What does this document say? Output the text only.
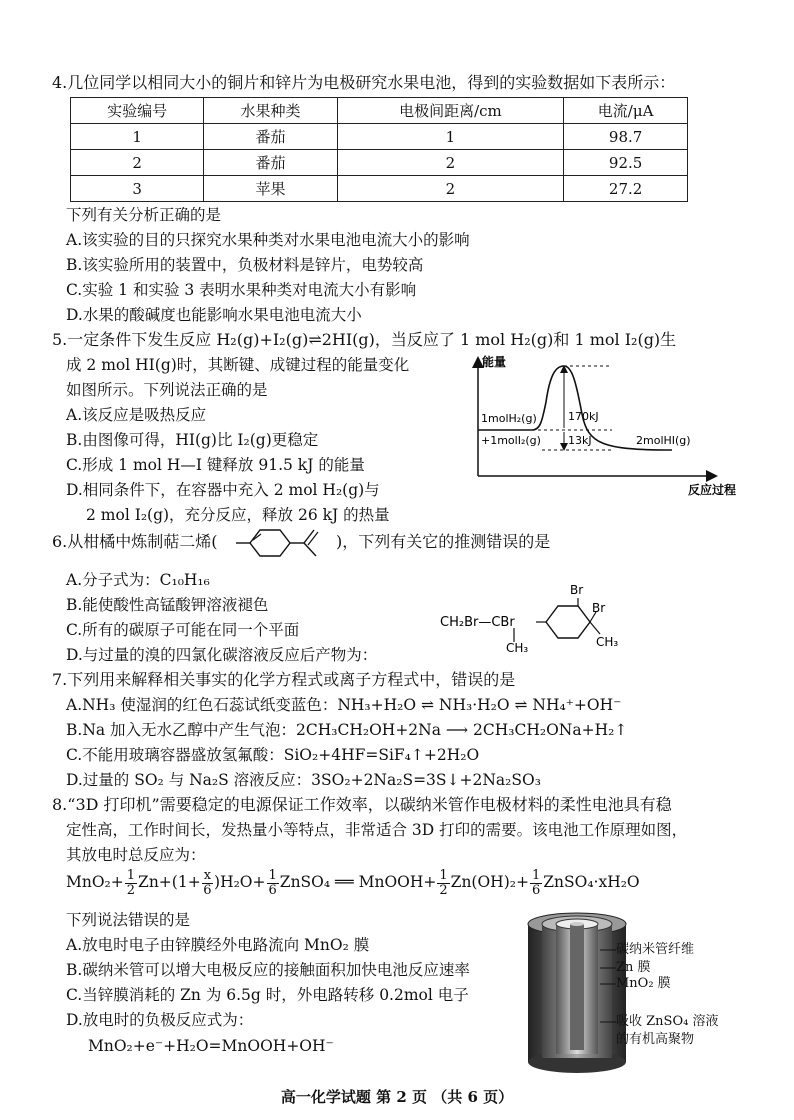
4.几位同学以相同大小的铜片和锌片为电极研究水果电池，得到的实验数据如下表所示：
实验编号	水果种类	电极间距离/cm	电流/μA
1	番茄	1	98.7
2	番茄	2	92.5
3	苹果	2	27.2
下列有关分析正确的是
A.该实验的目的只探究水果种类对水果电池电流大小的影响
B.该实验所用的装置中，负极材料是锌片，电势较高
C.实验 1 和实验 3 表明水果种类对电流大小有影响
D.水果的酸碱度也能影响水果电池电流大小
5.一定条件下发生反应 H₂(g)+I₂(g)⇌2HI(g)，当反应了 1 mol H₂(g)和 1 mol I₂(g)生
成 2 mol HI(g)时，其断键、成键过程的能量变化
如图所示。下列说法正确的是
A.该反应是吸热反应
B.由图像可得，HI(g)比 I₂(g)更稳定
C.形成 1 mol H—I 键释放 91.5 kJ 的能量
D.相同条件下，在容器中充入 2 mol H₂(g)与
2 mol I₂(g)，充分反应，释放 26 kJ 的热量
能量
反应过程
1molH₂(g)
+1molI₂(g)
170kJ
13kJ	2molHI(g)
6.从柑橘中炼制萜二烯(	)，下列有关它的推测错误的是
A.分子式为：C₁₀H₁₆
B.能使酸性高锰酸钾溶液褪色
C.所有的碳原子可能在同一个平面
D.与过量的溴的四氯化碳溶液反应后产物为：
CH₂Br—CBr
CH₃
Br
Br
CH₃
7.下列用来解释相关事实的化学方程式或离子方程式中，错误的是
A.NH₃ 使湿润的红色石蕊试纸变蓝色：NH₃+H₂O ⇌ NH₃·H₂O ⇌ NH₄⁺+OH⁻
B.Na 加入无水乙醇中产生气泡：2CH₃CH₂OH+2Na ⟶ 2CH₃CH₂ONa+H₂↑
C.不能用玻璃容器盛放氢氟酸：SiO₂+4HF=SiF₄↑+2H₂O
D.过量的 SO₂ 与 Na₂S 溶液反应：3SO₂+2Na₂S=3S↓+2Na₂SO₃
8.“3D 打印机”需要稳定的电源保证工作效率，以碳纳米管作电极材料的柔性电池具有稳
定性高，工作时间长，发热量小等特点，非常适合 3D 打印的需要。该电池工作原理如图，
其放电时总反应为：
$MnO_2+ \frac{1}{2} Zn+(1+ \frac{x}{6} )H_2O+ \frac{1}{6}$ ZnSO₄ ══ MnOOH+ $\frac{1}{2} Zn(OH)_2+ \frac{1}{6}$ ZnSO₄·xH₂O
下列说法错误的是
A.放电时电子由锌膜经外电路流向 MnO₂ 膜
B.碳纳米管可以增大电极反应的接触面积加快电池反应速率
C.当锌膜消耗的 Zn 为 6.5g 时，外电路转移 0.2mol 电子
D.放电时的负极反应式为：
MnO₂+e⁻+H₂O=MnOOH+OH⁻
碳纳米管纤维
Zn 膜
MnO₂ 膜
吸收 ZnSO₄ 溶液
的有机高聚物
高一化学试题 第 2 页 （共 6 页）
